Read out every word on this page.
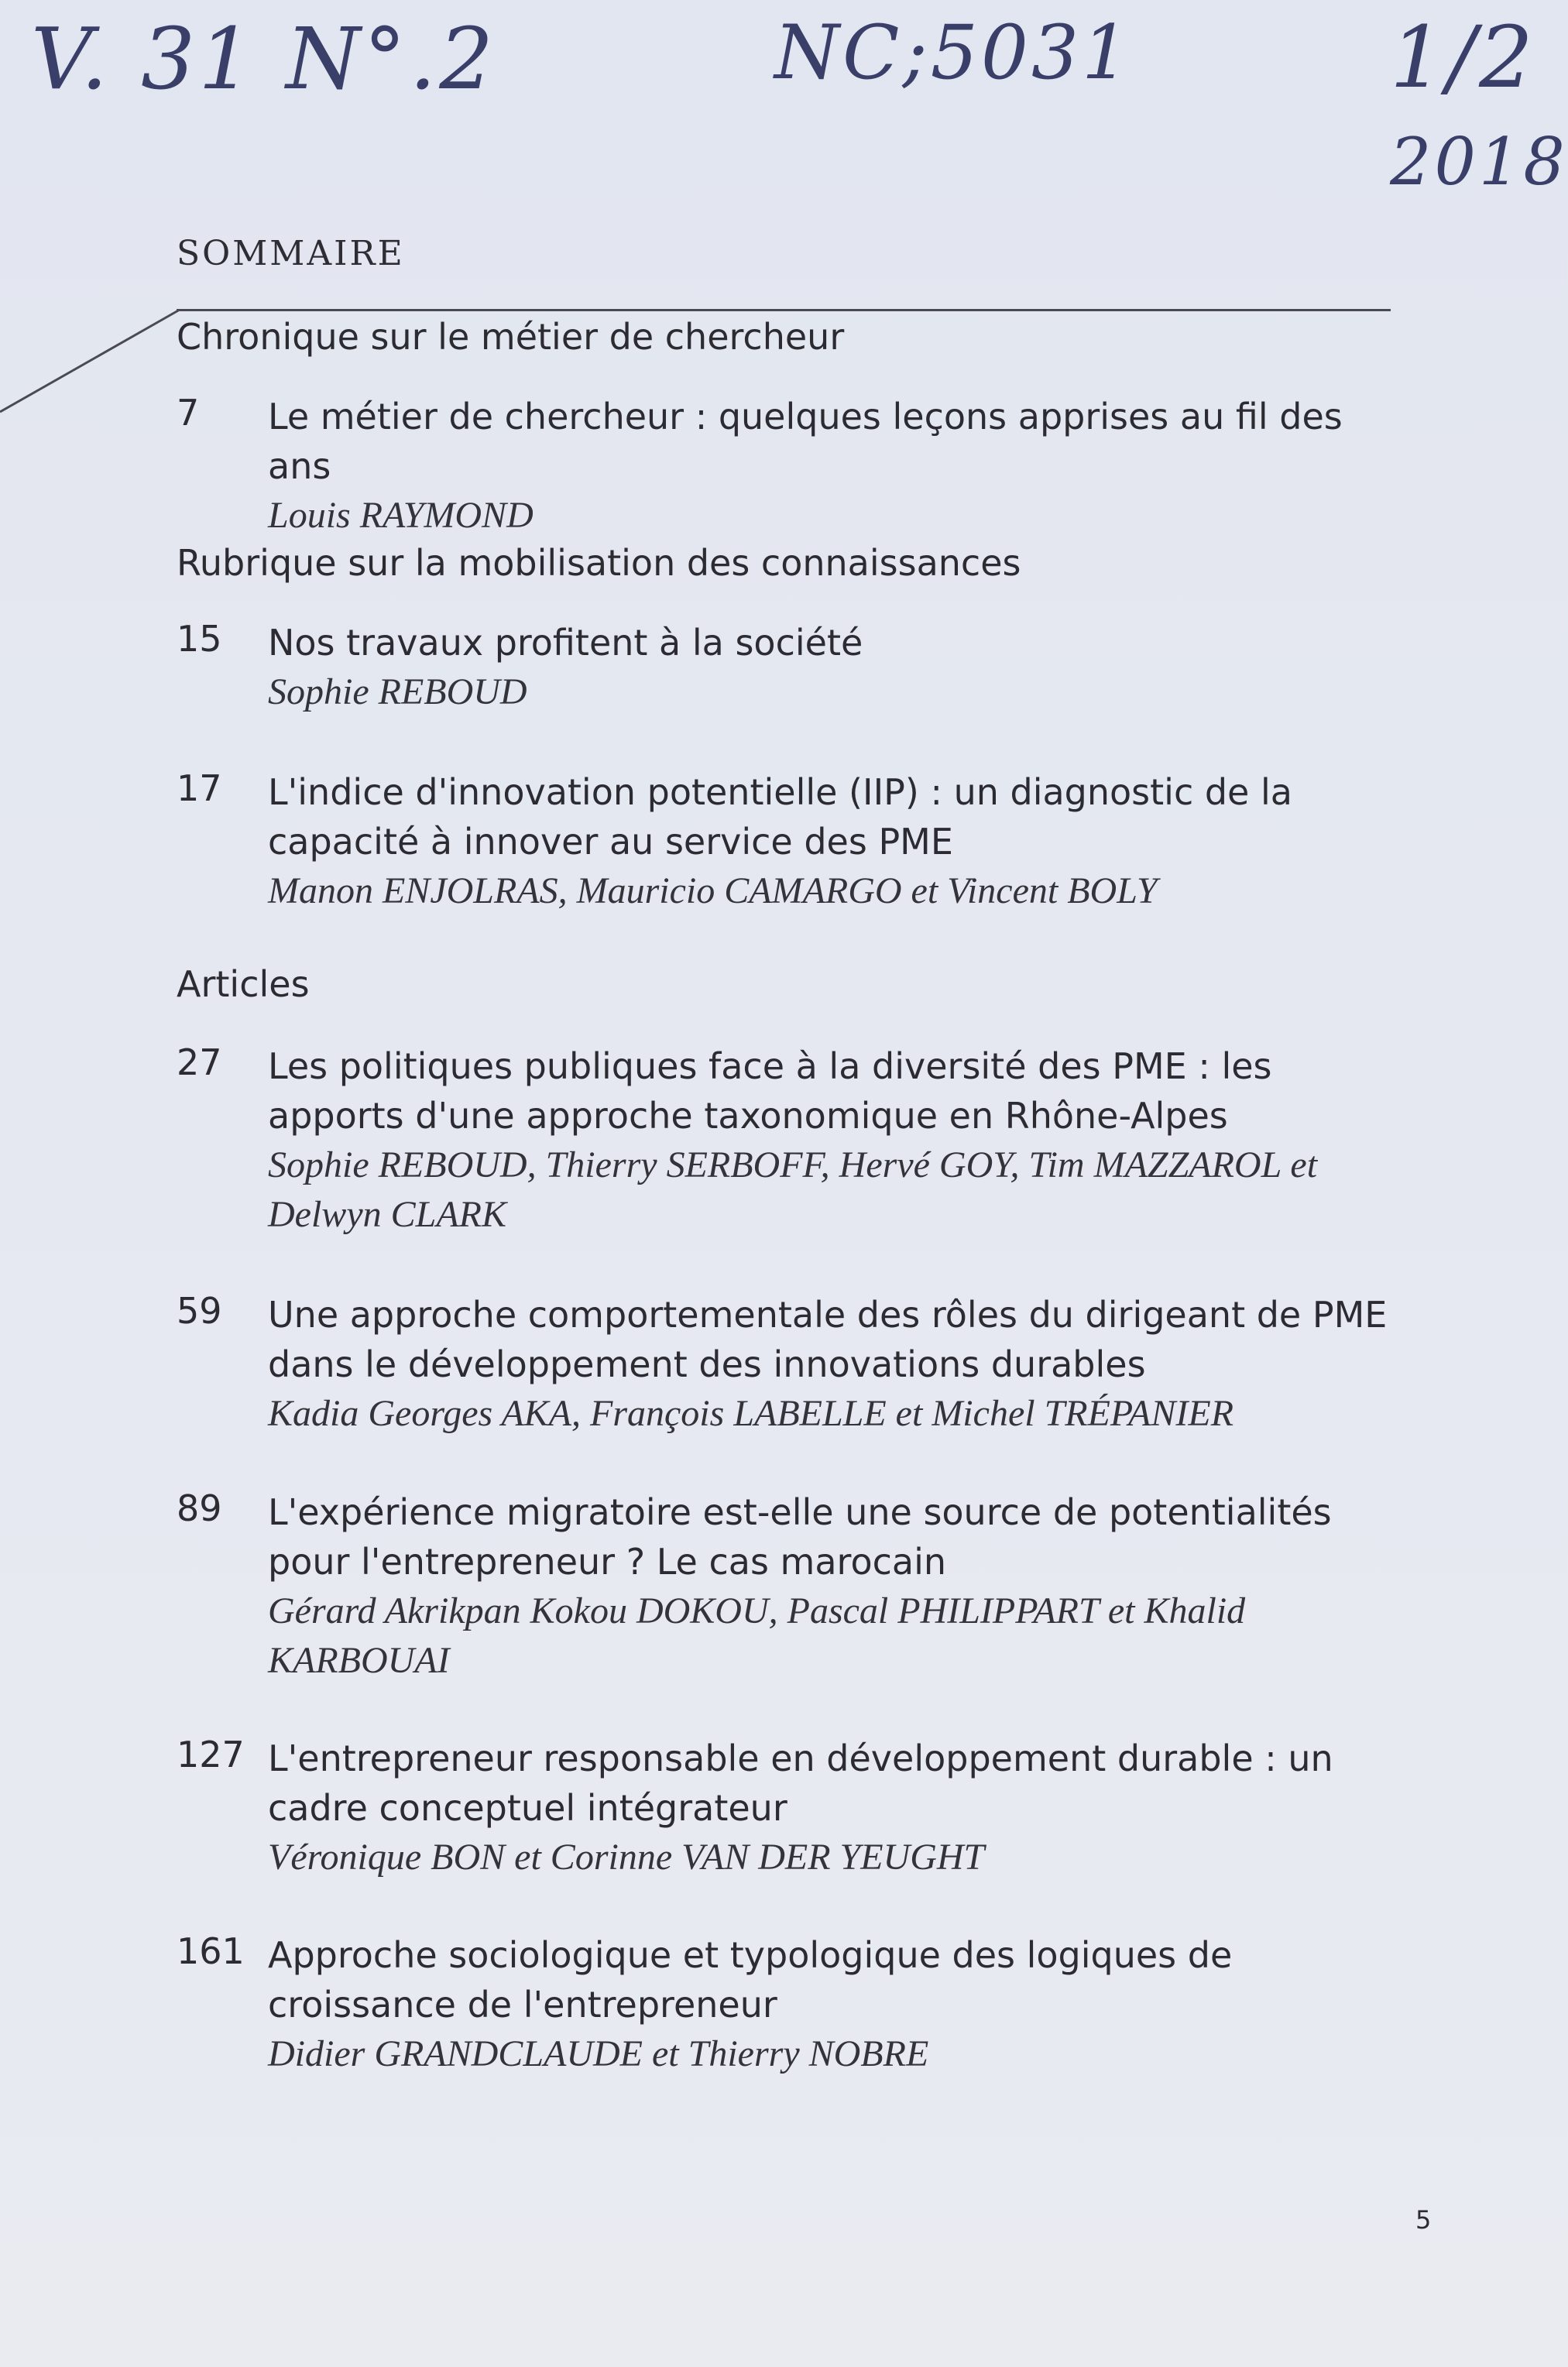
V. 31 N°.2	NC;5031	1/2
2018
SOMMAIRE
Chronique sur le métier de chercheur
7 Le métier de chercheur : quelques leçons apprises au fil des ans
Louis RAYMOND
Rubrique sur la mobilisation des connaissances
15 Nos travaux profitent à la société
Sophie REBOUD
17 L'indice d'innovation potentielle (IIP) : un diagnostic de la capacité à innover au service des PME
Manon ENJOLRAS, Mauricio CAMARGO et Vincent BOLY
Articles
27 Les politiques publiques face à la diversité des PME : les apports d'une approche taxonomique en Rhône-Alpes
Sophie REBOUD, Thierry SERBOFF, Hervé GOY, Tim MAZZAROL et Delwyn CLARK
59 Une approche comportementale des rôles du dirigeant de PME dans le développement des innovations durables
Kadia Georges AKA, François LABELLE et Michel TRÉPANIER
89 L'expérience migratoire est-elle une source de potentialités pour l'entrepreneur ? Le cas marocain
Gérard Akrikpan Kokou DOKOU, Pascal PHILIPPART et Khalid KARBOUAI
127 L'entrepreneur responsable en développement durable : un cadre conceptuel intégrateur
Véronique BON et Corinne VAN DER YEUGHT
161 Approche sociologique et typologique des logiques de croissance de l'entrepreneur
Didier GRANDCLAUDE et Thierry NOBRE
5
